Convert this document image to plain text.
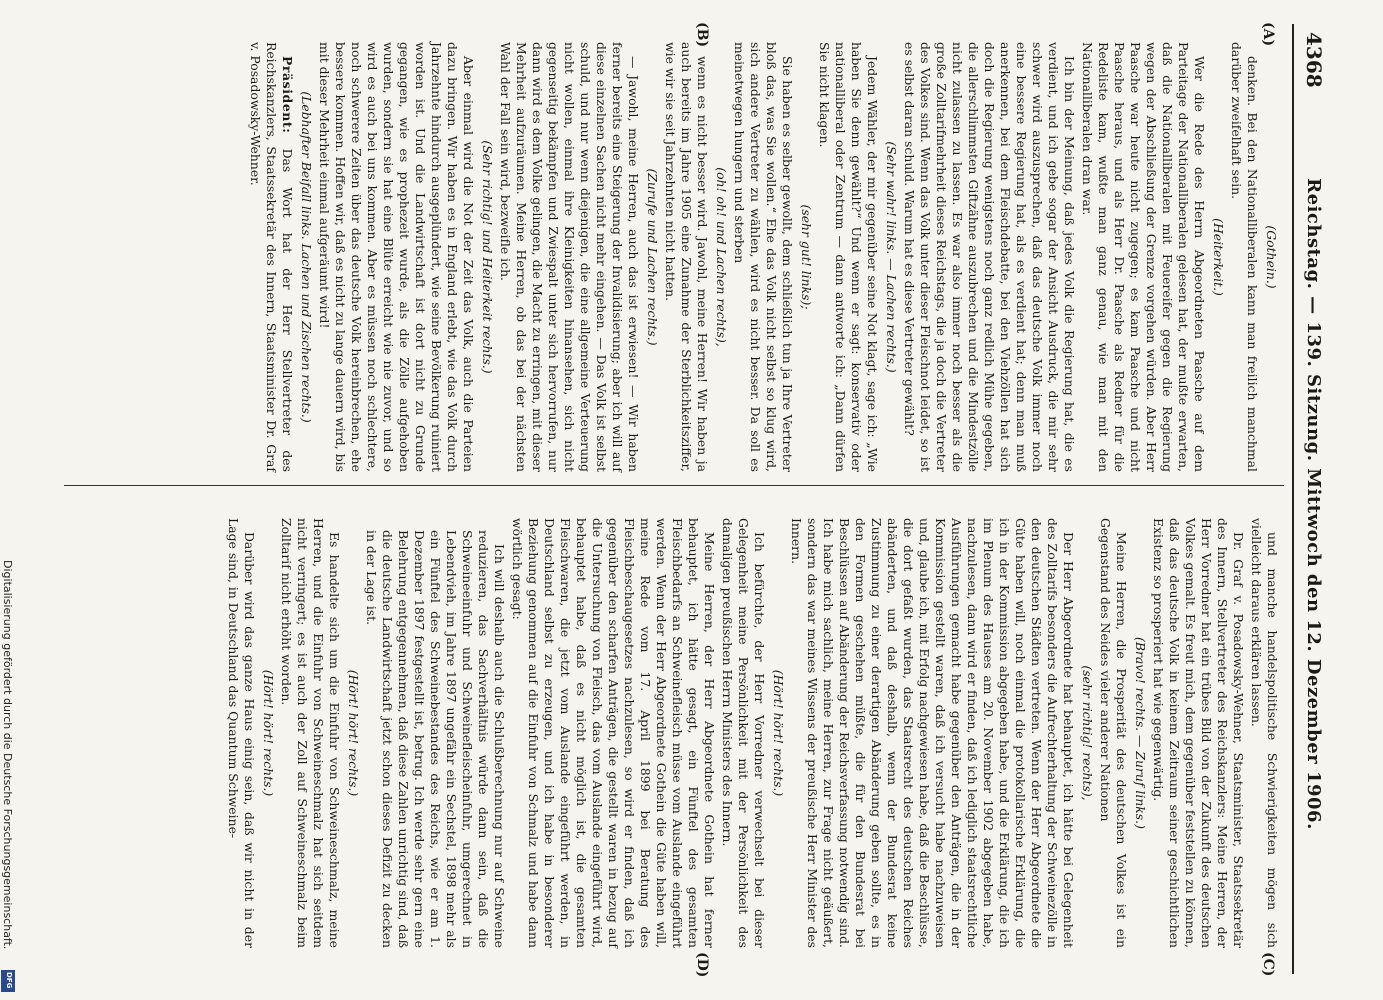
4368
Reichstag. — 139. Sitzung. Mittwoch den 12. Dezember 1906.
(A)
(B)
(C)
(D)

(Gothein.)

denken. Bei den Nationalliberalen kann man freilich manchmal darüber zweifelhaft sein.

(Heiterkeit.)

Wer die Rede des Herrn Abgeordneten Paasche auf dem Parteitage der Nationalliberalen gelesen hat, der mußte erwarten, daß die Nationalliberalen mit Feuereifer gegen die Regierung wegen der Abschließung der Grenze vorgehen würden. Aber Herr Paasche war heute nicht zugegen; es kam Paasche und nicht Paasche heraus, und als Herr Dr. Paasche als Redner für die Redeliste kam, wußte man ganz genau, wie man mit den Nationalliberalen dran war.

Ich bin der Meinung, daß jedes Volk die Regierung hat, die es verdient, und ich gebe sogar der Ansicht Ausdruck, die mir sehr schwer wird auszusprechen, daß das deutsche Volk immer noch eine bessere Regierung hat, als es verdient hat; denn man muß anerkennen, bei dem Fleischdebatte, bei den Viehzöllen hat sich doch die Regierung wenigstens noch ganz redlich Mühe gegeben, die allerschlimmsten Giftzähne auszubrechen und die Mindestzölle nicht zulassen zu lassen. Es war also immer noch besser als die große Zolltarifmehrheit dieses Reichstags, die ja doch die Vertreter des Volkes sind. Wenn das Volk unter dieser Fleischnot leidet, so ist es selbst daran schuld. Warum hat es diese Vertreter gewählt?

(Sehr wahr! links. — Lachen rechts.)

Jedem Wähler, der mir gegenüber seine Not klagt, sage ich: „Wie haben Sie denn gewählt?“ Und wenn er sagt: konservativ oder nationalliberal oder Zentrum — dann antworte ich: „Dann dürfen Sie nicht klagen.

(sehr gut! links);

Sie haben es selber gewollt, dem schließlich tun ja Ihre Vertreter bloß das, was Sie wollen.“ Ehe das Volk nicht selbst so klug wird, sich andere Vertreter zu wählen, wird es nicht besser. Da soll es meinetwegen hungern und sterben

(oh! oh! und Lachen rechts),

wenn es nicht besser wird. Jawohl, meine Herren! Wir haben ja auch bereits im Jahre 1905 eine Zunahme der Sterblichkeitsziffer, wie wir sie seit Jahrzehnten nicht hatten.

(Zurufe und Lachen rechts.)

— Jawohl, meine Herren, auch das ist erwiesen! — Wir haben ferner bereits eine Steigerung der Invalidisierung; aber ich will auf diese einzelnen Sachen nicht mehr eingehen. — Das Volk ist selbst schuld, und nur wenn diejenigen, die eine allgemeine Verteuerung nicht wollen, einmal ihre Kleinigkeiten hinansehen, sich nicht gegenseitig bekämpfen und Zwiespalt unter sich hervorrufen, nur dann wird es dem Volke gelingen, die Macht zu erringen, mit dieser Mehrheit aufzuräumen. Meine Herren, ob das bei der nächsten Wahl der Fall sein wird, bezweifle ich.

(Sehr richtig! und Heiterkeit rechts.)

Aber einmal wird die Not der Zeit das Volk, auch die Parteien dazu bringen. Wir haben es in England erlebt, wie das Volk durch Jahrzehnte hindurch ausgeplündert, wie seine Bevölkerung ruiniert worden ist. Und die Landwirtschaft ist dort nicht zu Grunde gegangen, wie es prophezeit wurde, als die Zölle aufgehoben wurden, sondern sie hat eine Blüte erreicht wie nie zuvor, und so wird es auch bei uns kommen. Aber es müssen noch schlechtere, noch schwerere Zeiten über das deutsche Volk hereinbrechen, ehe bessere kommen. Hoffen wir, daß es nicht zu lange dauern wird, bis mit dieser Mehrheit einmal aufgeräumt wird!

(Lebhafter Beifall links. Lachen und Zischen rechts.)

Präsident: Das Wort hat der Herr Stellvertreter des Reichskanzlers, Staatssekretär des Innern, Staatsminister Dr. Graf v. Posadowsky-Wehner.

und manche handelspolitische Schwierigkeiten mögen sich vielleicht daraus erklären lassen.

Dr. Graf v. Posadowsky-Wehner, Staatsminister, Staatssekretär des Innern, Stellvertreter des Reichskanzlers: Meine Herren, der Herr Vorredner hat ein trübes Bild von der Zukunft des deutschen Volkes gemalt. Es freut mich, dem gegenüber feststellen zu können, daß das deutsche Volk in keinem Zeitraum seiner geschichtlichen Existenz so prosperiert hat wie gegenwärtig.

(Bravo! rechts. — Zuruf links.)

Meine Herren, die Prosperität des deutschen Volkes ist ein Gegenstand des Neides vieler anderer Nationen

(sehr richtig! rechts),

Der Herr Abgeordnete hat behauptet, ich hätte bei Gelegenheit des Zolltarifs besonders die Aufrechterhaltung der Schweinezölle in den deutschen Städten vertreten. Wenn der Herr Abgeordnete die Güte haben will, noch einmal die protokollarische Erklärung, die ich in der Kommission abgegeben habe, und die Erklärung, die ich im Plenum des Hauses am 20. November 1902 abgegeben habe, nachzulesen, dann wird er finden, daß ich lediglich staatsrechtliche Ausführungen gemacht habe gegenüber den Anträgen, die in der Kommission gestellt waren, daß ich versucht habe nachzuweisen und, glaube ich, mit Erfolg nachgewiesen habe, daß die Beschlüsse, die dort gefaßt wurden, das Staatsrecht des deutschen Reiches abänderten, und daß deshalb, wenn der Bundesrat keine Zustimmung zu einer derartigen Abänderung geben sollte, es in den Formen geschehen müßte, die für den Bundesrat bei Beschlüssen auf Abänderung der Reichsverfassung notwendig sind. Ich habe mich sachlich, meine Herren, zur Frage nicht geäußert, sondern das war meines Wissens der preußische Herr Minister des Innern.

(Hört! hört! rechts.)

Ich befürchte, der Herr Vorredner verwechselt bei dieser Gelegenheit meine Persönlichkeit mit der Persönlichkeit des damaligen preußischen Herrn Ministers des Innern.

Meine Herren, der Herr Abgeordnete Gothein hat ferner behauptet, ich hätte gesagt, ein Fünftel des gesamten Fleischbedarfs an Schweinefleisch müsse vom Auslande eingeführt werden. Wenn der Herr Abgeordnete Gothein die Güte haben will, meine Rede vom 17. April 1899 bei Beratung des Fleischbeschaugesetzes nachzulesen, so wird er finden, daß ich gegenüber den scharfen Anträgen, die gestellt waren in bezug auf die Untersuchung von Fleisch, das vom Auslande eingeführt wird, behauptet habe, daß es nicht möglich ist, die gesamten Fleischwaren, die jetzt vom Auslande eingeführt werden, in Deutschland selbst zu erzeugen, und ich habe in besonderer Beziehung genommen auf die Einfuhr von Schmalz und habe dann wörtlich gesagt:

Ich will deshalb auch die Schlußberechnung nur auf Schweine reduzieren, das Sachverhältnis würde dann sein, daß die Schweineeinfuhr und Schweinefleischeinfuhr, umgerechnet in Lebendvieh, im Jahre 1897 ungefähr ein Sechstel, 1898 mehr als ein Fünftel des Schweinebestandes des Reichs, wie er am 1. Dezember 1897 festgestellt ist, betrug. Ich werde sehr gern eine Belehrung entgegennehmen, daß diese Zahlen unrichtig sind, daß die deutsche Landwirtschaft jetzt schon dieses Defizit zu decken in der Lage ist.

(Hört! hört! rechts.)

Es handelte sich um die Einfuhr von Schweineschmalz, meine Herren, und die Einfuhr von Schweineschmalz hat sich seitdem nicht verringert; es ist auch der Zoll auf Schweineschmalz beim Zolltarif nicht erhöht worden.

(Hört! hört! rechts.)

Darüber wird das ganze Haus einig sein, daß wir nicht in der Lage sind, in Deutschland das Quantum Schweine-

Digitalisierung gefördert durch die Deutsche Forschungsgemeinschaft.
DFG
